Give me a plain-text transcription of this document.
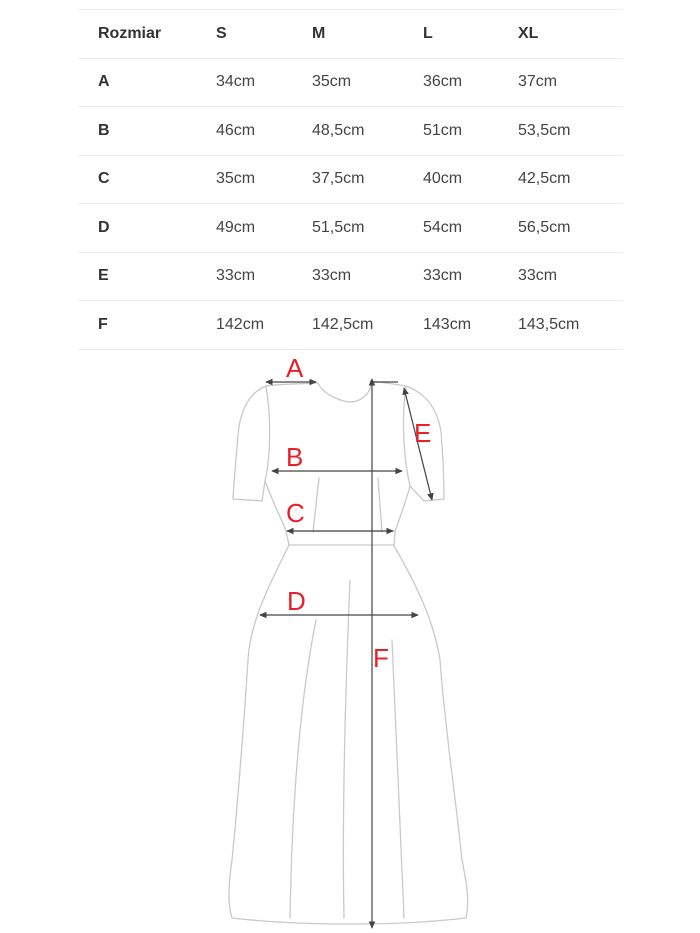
Rozmiar	S	M	L	XL
A	34cm	35cm	36cm	37cm
B	46cm	48,5cm	51cm	53,5cm
C	35cm	37,5cm	40cm	42,5cm
D	49cm	51,5cm	54cm	56,5cm
E	33cm	33cm	33cm	33cm
F	142cm	142,5cm	143cm	143,5cm
A
B
C
D
E
F
